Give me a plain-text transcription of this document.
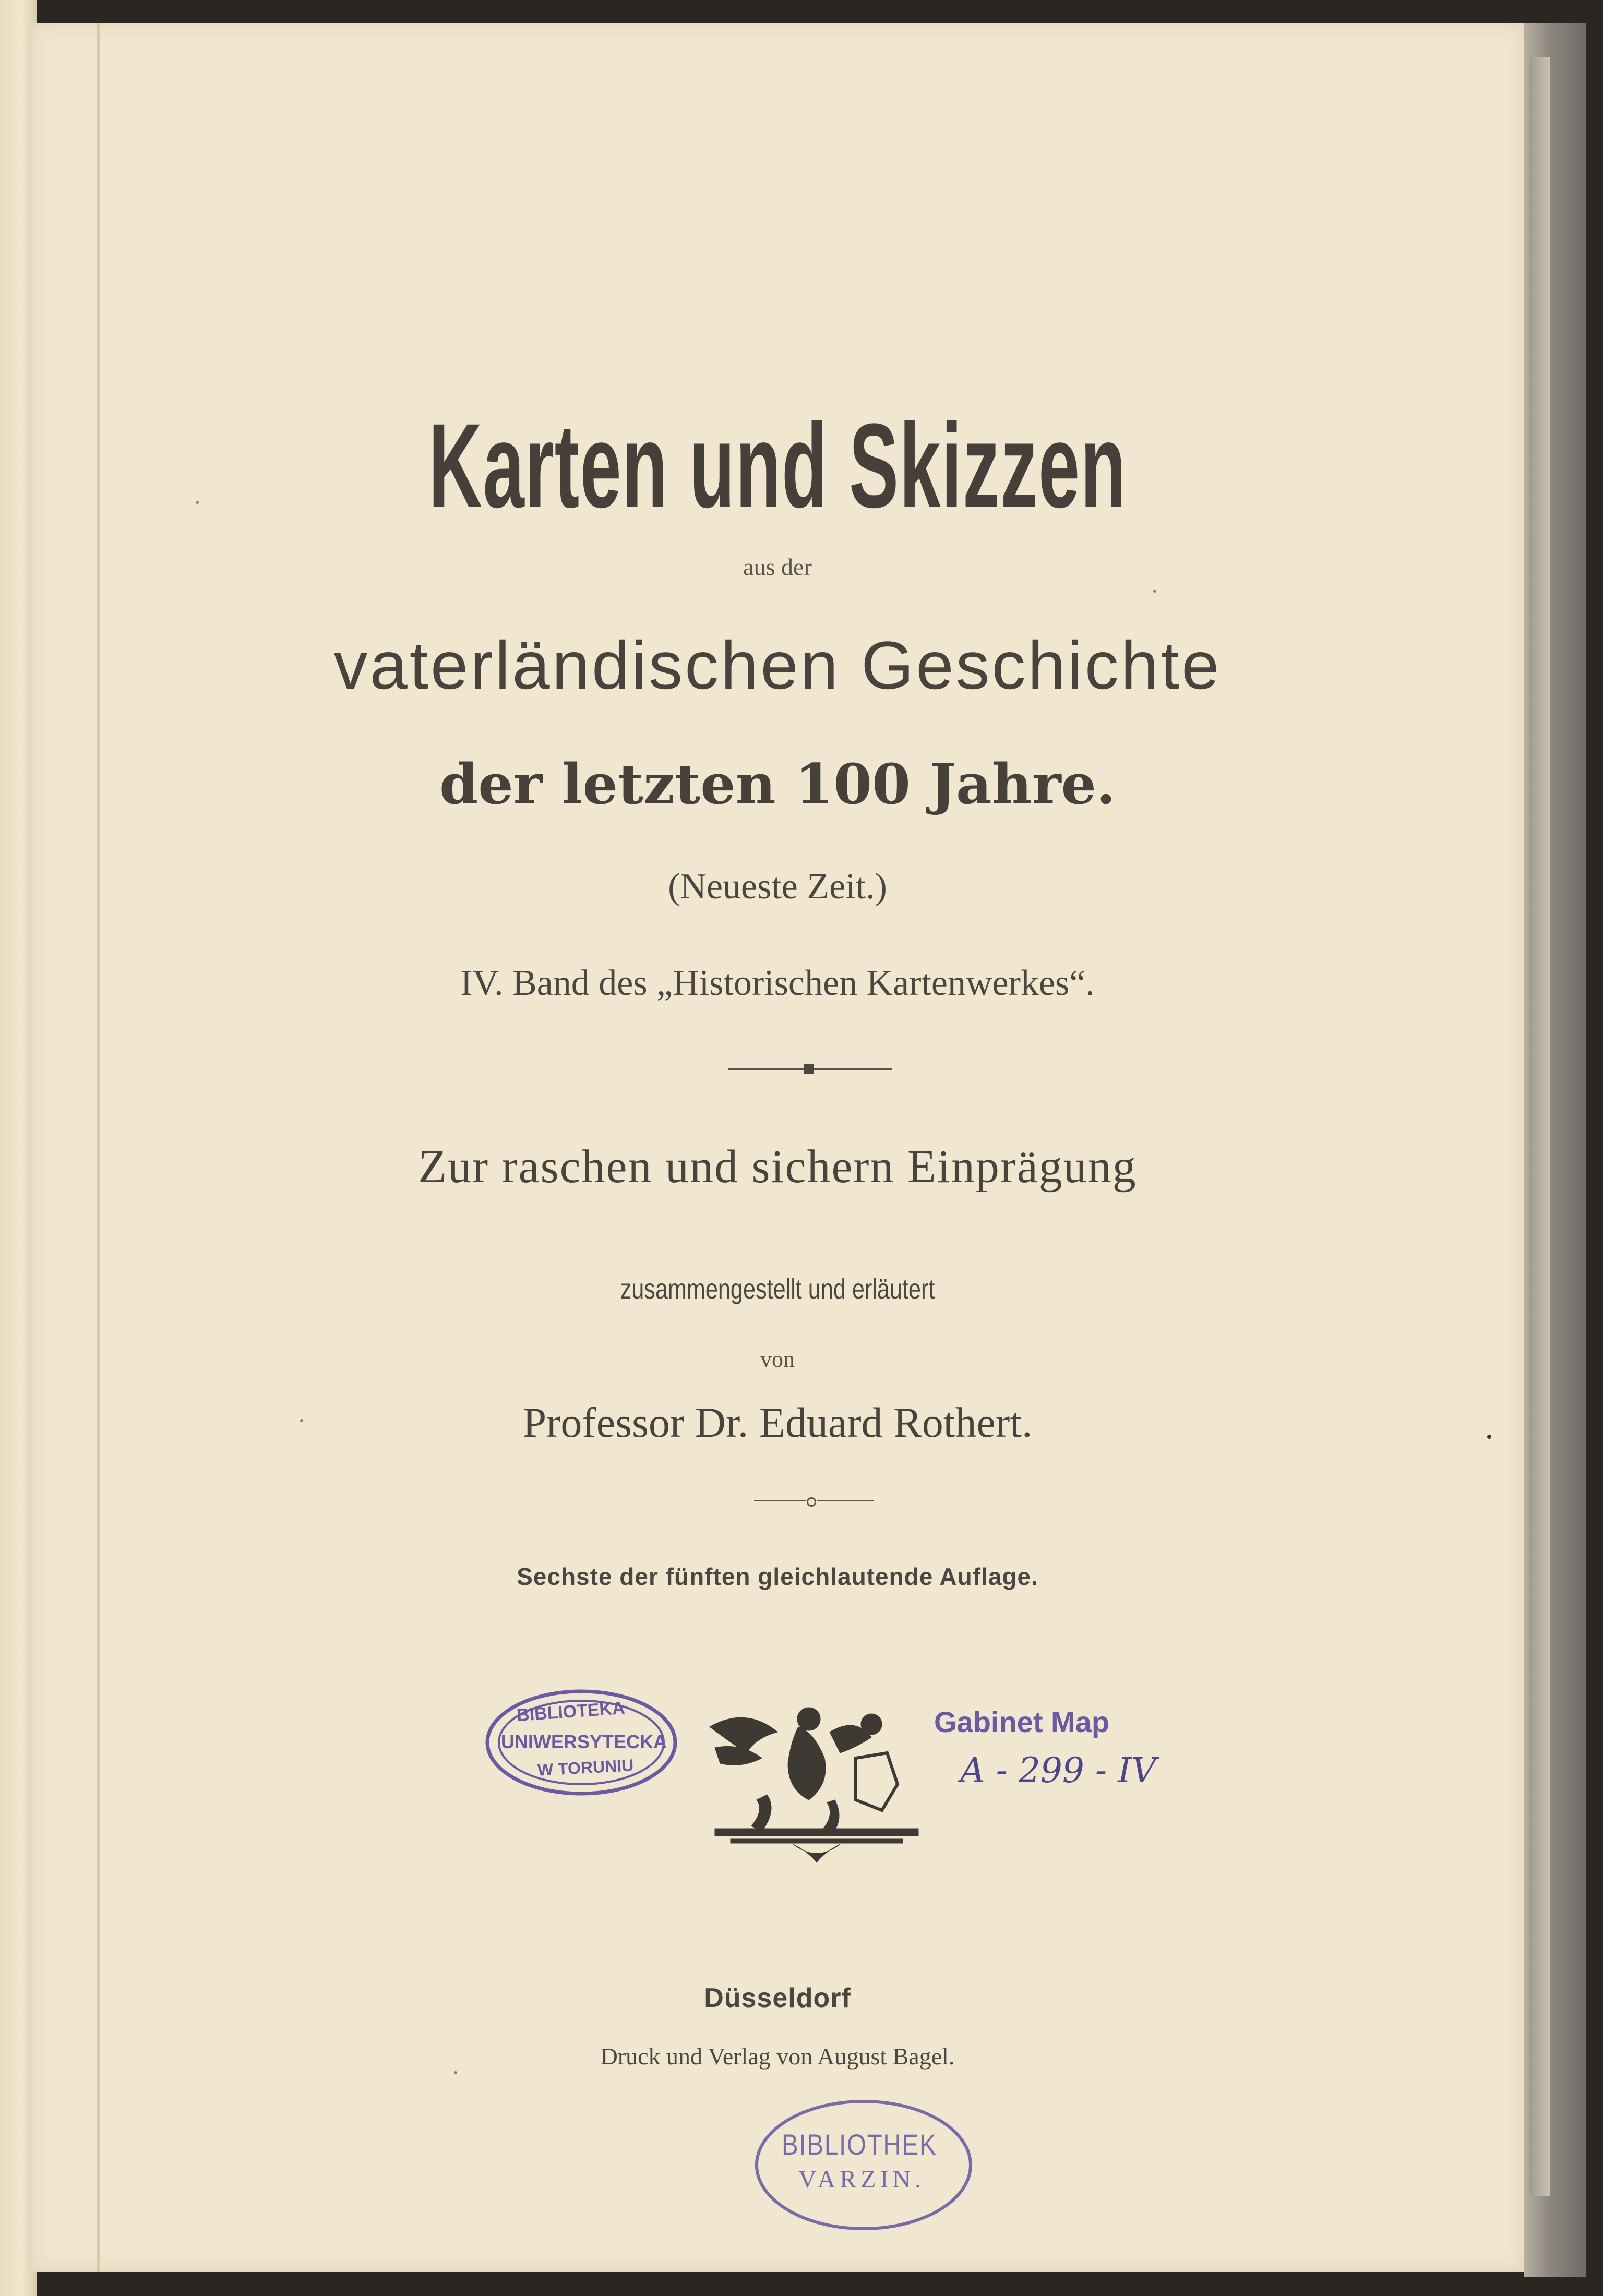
Karten und Skizzen
aus der
vaterländischen Geschichte
der letzten 100 Jahre.
(Neueste Zeit.)
IV. Band des „Historischen Kartenwerkes“.
Zur raschen und sichern Einprägung
zusammengestellt und erläutert
von
Professor Dr. Eduard Rothert.
Sechste der fünften gleichlautende Auflage.
BIBLIOTEKA
UNIWERSYTECKA
W TORUNIU
Gabinet Map
A - 299 - IV
Düsseldorf
Druck und Verlag von August Bagel.
BIBLIOTHEK
VARZIN.
